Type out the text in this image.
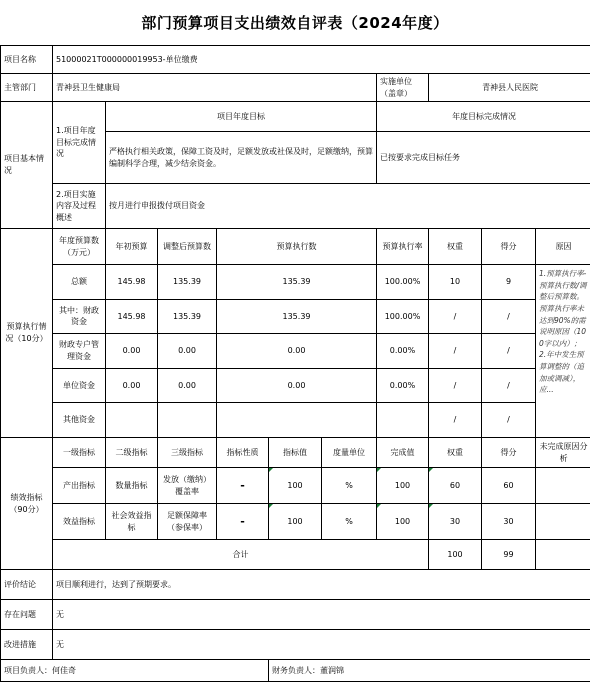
部门预算项目支出绩效自评表（2024年度）
项目名称	51000021T000000019953-单位缴费									
主管部门	青神县卫生健康局						实施单位（盖章）	青神县人民医院		
项目基本情况	1.项目年度目标完成情况	项目年度目标					年度目标完成情况			
		严格执行相关政策，保障工资及时，足额发放或社保及时，足额缴纳，预算编制科学合理，减少结余资金。					已按要求完成目标任务			
	2.项目实施内容及过程概述	按月进行申报拨付项目资金								
预算执行情况（10分）	年度预算数（万元）	年初预算	调整后预算数	预算执行数			预算执行率	权重	得分	原因
	总额	145.98	135.39	135.39			100.00%	10	9	1.预算执行率-预算执行数/调整后预算数。预算执行率未达到90%的需说明原因（100字以内）；2.年中发生预算调整的（追加或调减），应...

	其中：财政资金	145.98	135.39	135.39			100.00%	/	/	
	财政专户管理资金	0.00	0.00	0.00			0.00%	/	/	
	单位资金	0.00	0.00	0.00			0.00%	/	/	
	其他资金							/	/	
绩效指标（90分）	一级指标	二级指标	三级指标	指标性质	指标值	度量单位	完成值	权重	得分	未完成原因分析
	产出指标	数量指标	发放（缴纳）覆盖率	-	100	%	100	60	60	
	效益指标	社会效益指标	足额保障率（参保率）	-	100	%	100	30	30	
	合计							100	99	
评价结论	项目顺利进行，达到了预期要求。									
存在问题	无									
改进措施	无									
项目负责人：何佳奇					财务负责人：董润锦					
